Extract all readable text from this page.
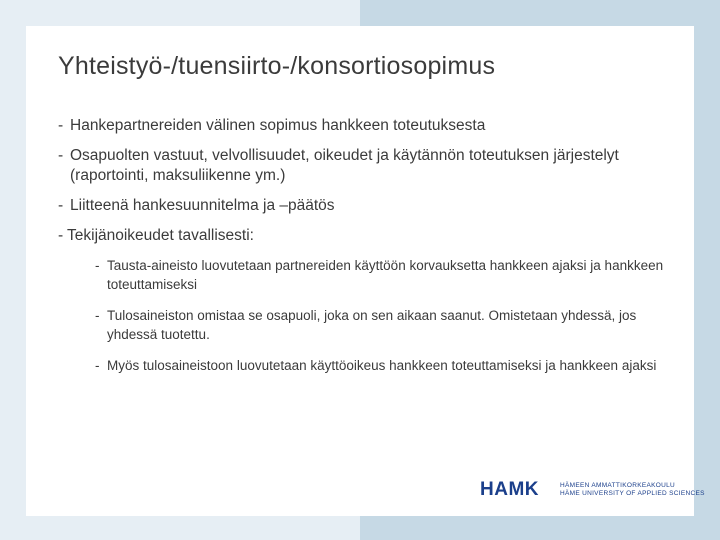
Yhteistyö-/tuensiirto-/konsortiosopimus
- Hankepartnereiden välinen sopimus hankkeen toteutuksesta
- Osapuolten vastuut, velvollisuudet, oikeudet ja käytännön toteutuksen järjestelyt (raportointi, maksuliikenne ym.)
- Liitteenä hankesuunnitelma ja –päätös
- Tekijänoikeudet tavallisesti:
- Tausta-aineisto luovutetaan partnereiden käyttöön korvauksetta hankkeen ajaksi ja hankkeen toteuttamiseksi
- Tulosaineiston omistaa se osapuoli, joka on sen aikaan saanut. Omistetaan yhdessä, jos yhdessä tuotettu.
- Myös tulosaineistoon luovutetaan käyttöoikeus hankkeen toteuttamiseksi ja hankkeen ajaksi
HAMK	HÄMEEN AMMATTIKORKEAKOULU
HÄME UNIVERSITY OF APPLIED SCIENCES
